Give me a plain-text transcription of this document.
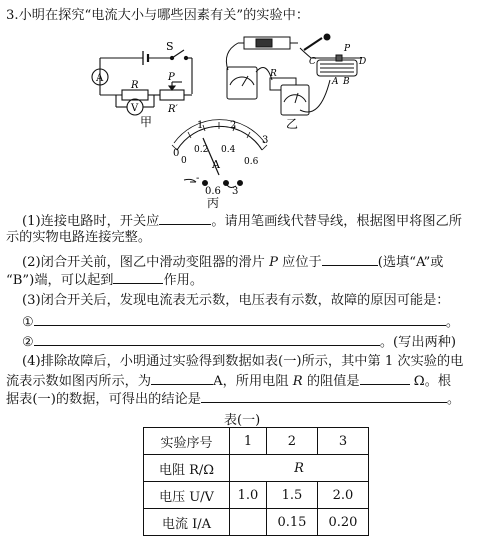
3.小明在探究“电流大小与哪些因素有关”的实验中：
S
A
V
R
P
R′
甲
R
P
C	D
A B
乙
0
1	2
3
0
0.2 0.4
0.6
A
-
0.6 3
丙
(1)连接电路时，开关应	。请用笔画线代替导线，根据图甲将图乙所
示的实物电路连接完整。
(2)闭合开关前，图乙中滑动变阻器的滑片 P 应位于	(选填“A”或
“B”)端，可以起到	作用。
(3)闭合开关后，发现电流表无示数，电压表有示数，故障的原因可能是：
①	。
②	。(写出两种)
(4)排除故障后，小明通过实验得到数据如表(一)所示，其中第 1 次实验的电
流表示数如图丙所示，为	A，所用电阻 R 的阻值是	Ω。根
据表(一)的数据，可得出的结论是	。
表(一)
实验序号	1	2	3
电阻 R/Ω	R		
电压 U/V	1.0	1.5	2.0
电流 I/A		0.15	0.20
